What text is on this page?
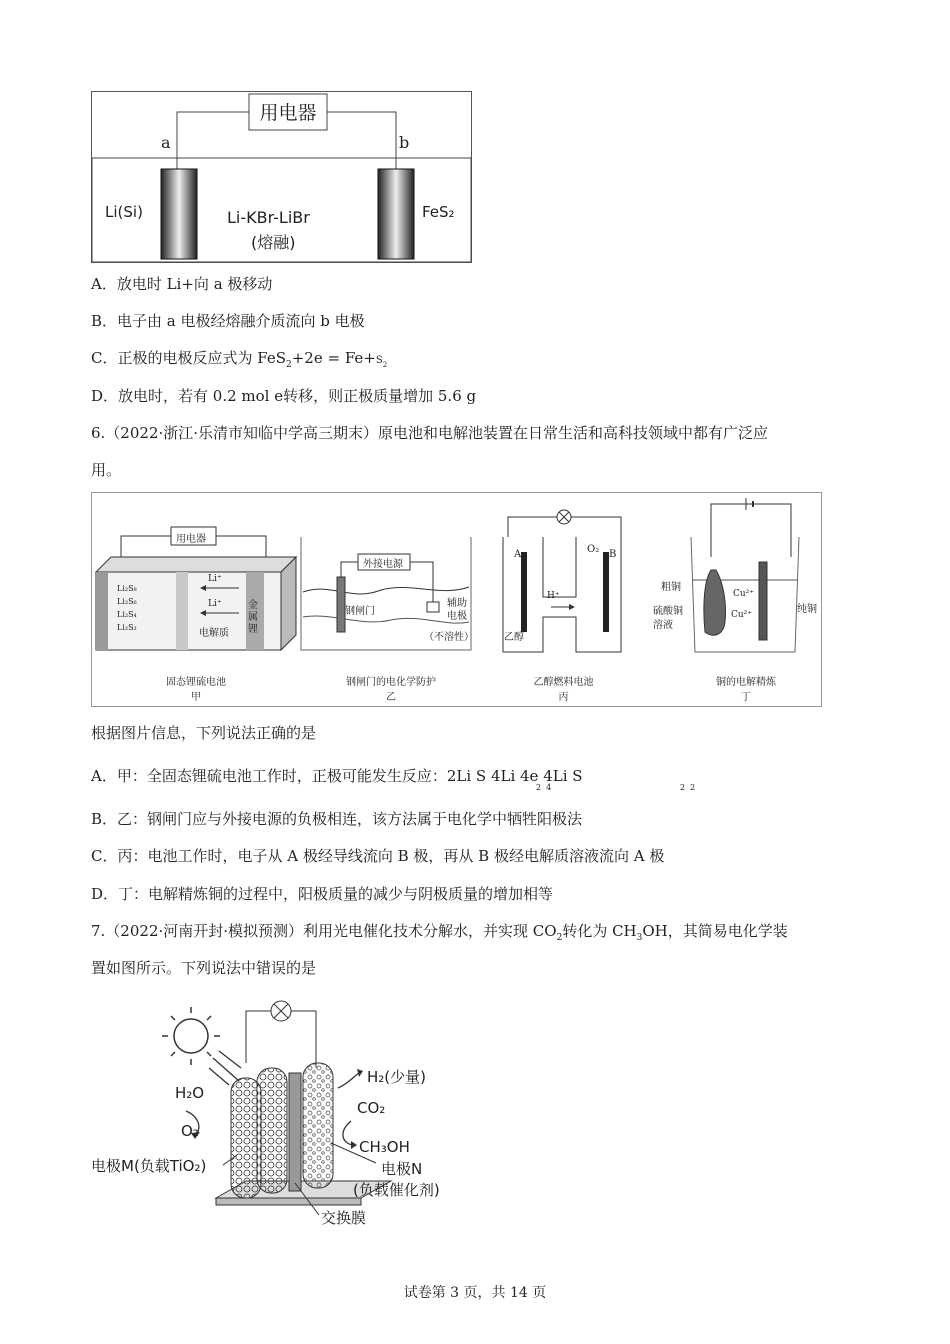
用电器
a	b
Li(Si)	Li-KBr-LiBr
(熔融)
FeS₂
A．放电时 Li+向 a 极移动
B．电子由 a 电极经熔融介质流向 b 电极
C．正极的电极反应式为 $FeS_2+2e = Fe+S_2$
D．放电时，若有 0.2 mol e转移，则正极质量增加 5.6 g
6.（2022·浙江·乐清市知临中学高三期末）原电池和电解池装置在日常生活和高科技领域中都有广泛应
用。
用电器
Li₂S₈
Li₂S₆
Li₂S₄
Li₂S₂
Li⁺
Li⁺
电解质
金属锂
固态锂硫电池
甲
外接电源
钢闸门
辅助电极
（不溶性）
钢闸门的电化学防护
乙
A	B
O₂
H⁺
乙醇
乙醇燃料电池
丙
粗铜
Cu²⁺
Cu²⁺
硫酸铜
溶液
纯铜
铜的电解精炼
丁
根据图片信息，下列说法正确的是
A．甲：全固态锂硫电池工作时，正极可能发生反应：2Li S 4Li 4e 4Li S
2  4	2  2
B．乙：钢闸门应与外接电源的负极相连，该方法属于电化学中牺牲阳极法
C．丙：电池工作时，电子从 A 极经导线流向 B 极，再从 B 极经电解质溶液流向 A 极
D．丁：电解精炼铜的过程中，阳极质量的减少与阴极质量的增加相等
7.（2022·河南开封·模拟预测）利用光电催化技术分解水，并实现 $CO_2$转化为 $CH_3OH$，其简易电化学装
置如图所示。下列说法中错误的是
H₂O
O₂
电极M(负载TiO₂)
H₂(少量)
CO₂
CH₃OH
电极N
(负载催化剂)
交换膜
试卷第 3 页，共 14 页
